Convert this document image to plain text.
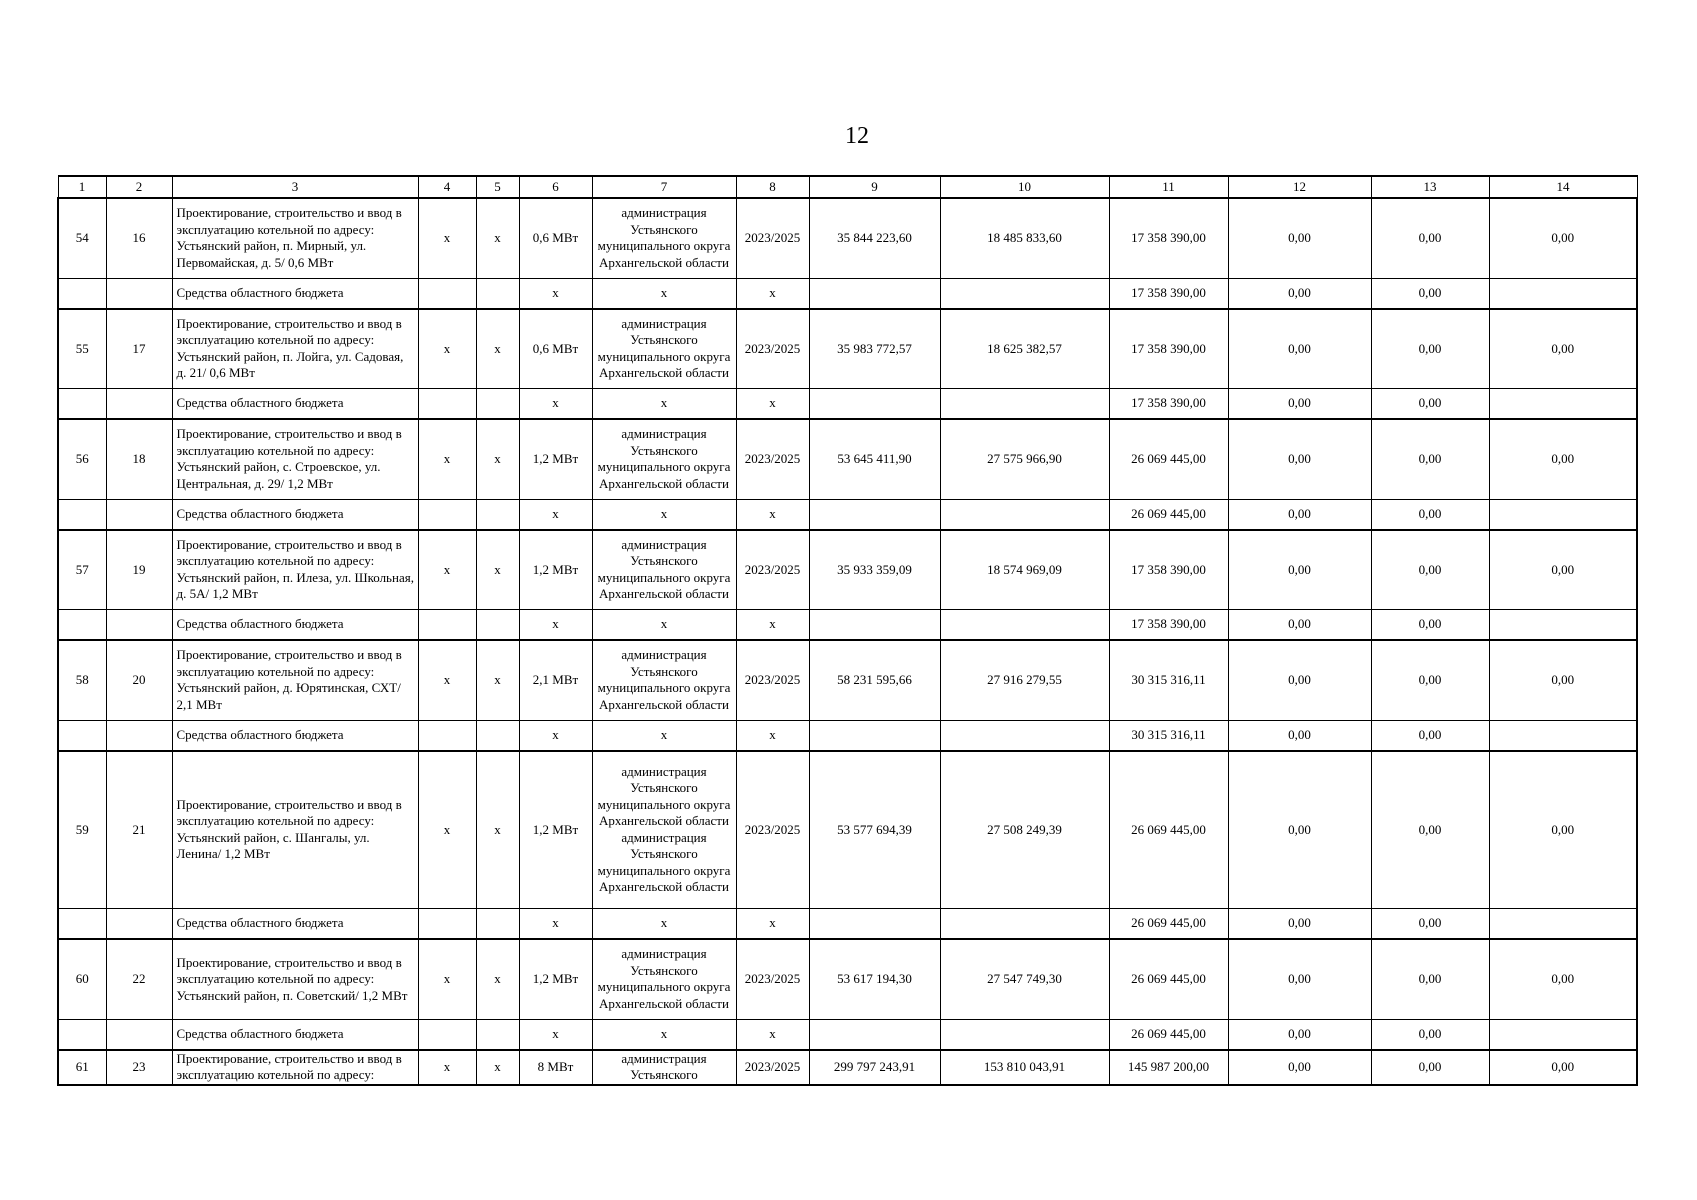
12
1	2	3	4	5	6	7	8	9	10	11	12	13	14
54	16	Проектирование, строительство и ввод в эксплуатацию котельной по адресу: Устьянский район, п. Мирный, ул. Первомайская, д. 5/ 0,6 МВт	х	х	0,6 МВт	администрация Устьянского муниципального округа Архангельской области	2023/2025	35 844 223,60	18 485 833,60	17 358 390,00	0,00	0,00	0,00
		Средства областного бюджета			х	х	х			17 358 390,00	0,00	0,00	
55	17	Проектирование, строительство и ввод в эксплуатацию котельной по адресу: Устьянский район, п. Лойга, ул. Садовая, д. 21/ 0,6 МВт	х	х	0,6 МВт	администрация Устьянского муниципального округа Архангельской области	2023/2025	35 983 772,57	18 625 382,57	17 358 390,00	0,00	0,00	0,00
		Средства областного бюджета			х	х	х			17 358 390,00	0,00	0,00	
56	18	Проектирование, строительство и ввод в эксплуатацию котельной по адресу: Устьянский район, с. Строевское, ул. Центральная, д. 29/ 1,2 МВт	х	х	1,2 МВт	администрация Устьянского муниципального округа Архангельской области	2023/2025	53 645 411,90	27 575 966,90	26 069 445,00	0,00	0,00	0,00
		Средства областного бюджета			х	х	х			26 069 445,00	0,00	0,00	
57	19	Проектирование, строительство и ввод в эксплуатацию котельной по адресу: Устьянский район, п. Илеза, ул. Школьная, д. 5А/ 1,2 МВт	х	х	1,2 МВт	администрация Устьянского муниципального округа Архангельской области	2023/2025	35 933 359,09	18 574 969,09	17 358 390,00	0,00	0,00	0,00
		Средства областного бюджета			х	х	х			17 358 390,00	0,00	0,00	
58	20	Проектирование, строительство и ввод в эксплуатацию котельной по адресу: Устьянский район, д. Юрятинская, СХТ/ 2,1 МВт	х	х	2,1 МВт	администрация Устьянского муниципального округа Архангельской области	2023/2025	58 231 595,66	27 916 279,55	30 315 316,11	0,00	0,00	0,00
		Средства областного бюджета			х	х	х			30 315 316,11	0,00	0,00	
59	21	Проектирование, строительство и ввод в эксплуатацию котельной по адресу: Устьянский район, с. Шангалы, ул. Ленина/ 1,2 МВт	х	х	1,2 МВт	администрация Устьянского муниципального округа Архангельской области администрация Устьянского муниципального округа Архангельской области	2023/2025	53 577 694,39	27 508 249,39	26 069 445,00	0,00	0,00	0,00
		Средства областного бюджета			х	х	х			26 069 445,00	0,00	0,00	
60	22	Проектирование, строительство и ввод в эксплуатацию котельной по адресу: Устьянский район, п. Советский/ 1,2 МВт	х	х	1,2 МВт	администрация Устьянского муниципального округа Архангельской области	2023/2025	53 617 194,30	27 547 749,30	26 069 445,00	0,00	0,00	0,00
		Средства областного бюджета			х	х	х			26 069 445,00	0,00	0,00	
61	23	Проектирование, строительство и ввод в эксплуатацию котельной по адресу:	х	х	8 МВт	администрация Устьянского	2023/2025	299 797 243,91	153 810 043,91	145 987 200,00	0,00	0,00	0,00
